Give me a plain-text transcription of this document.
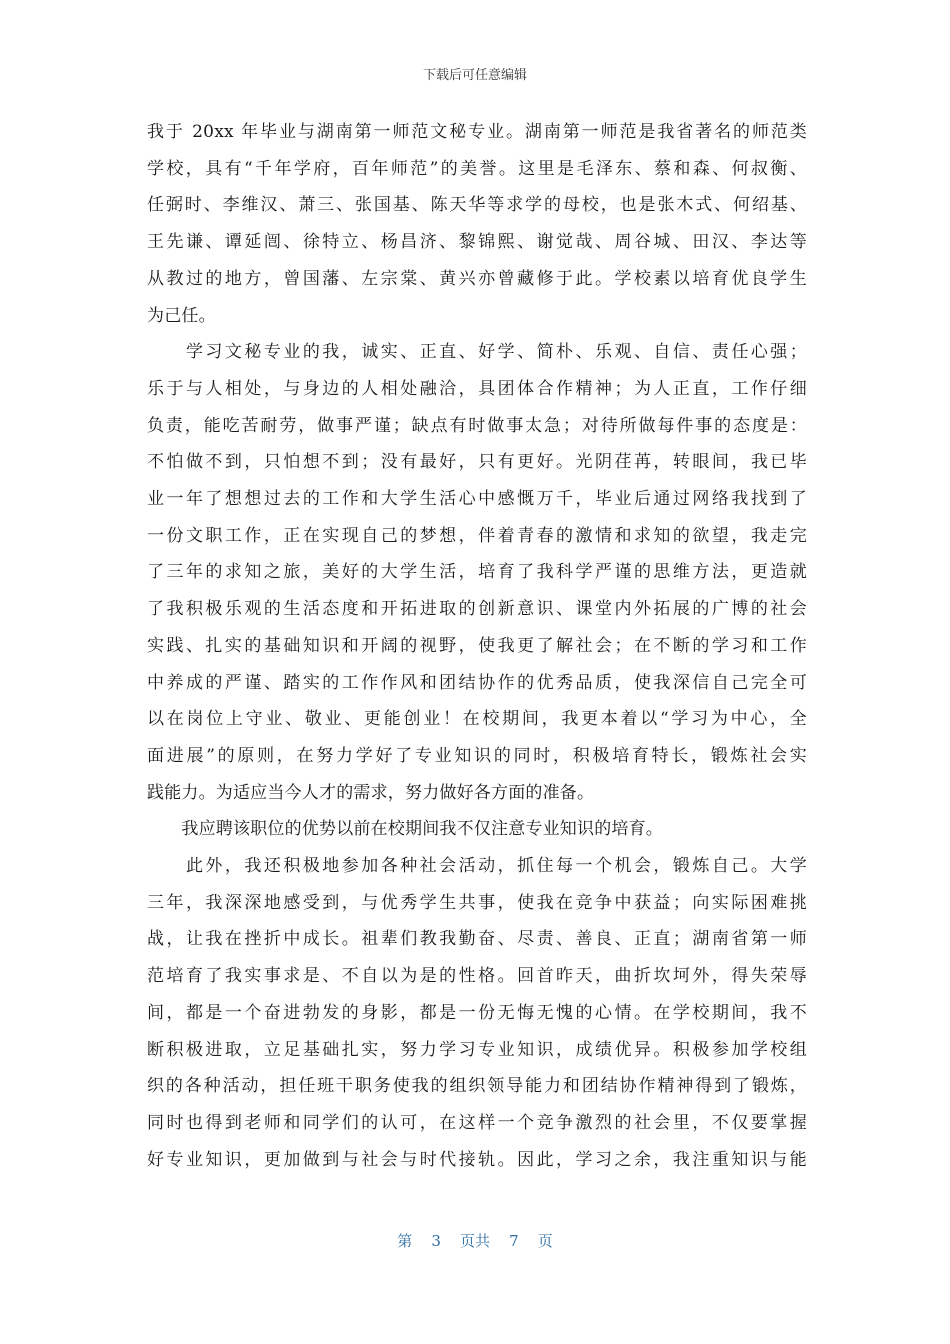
下载后可任意编辑

我于 20xx 年毕业与湖南第一师范文秘专业。湖南第一师范是我省著名的师范类
学校，具有“千年学府，百年师范”的美誉。这里是毛泽东、蔡和森、何叔衡、
任弼时、李维汉、萧三、张国基、陈天华等求学的母校，也是张木式、何绍基、
王先谦、谭延闿、徐特立、杨昌济、黎锦熙、谢觉哉、周谷城、田汉、李达等
从教过的地方，曾国藩、左宗棠、黄兴亦曾藏修于此。学校素以培育优良学生
为己任。

　　学习文秘专业的我，诚实、正直、好学、简朴、乐观、自信、责任心强；
乐于与人相处，与身边的人相处融洽，具团体合作精神；为人正直，工作仔细
负责，能吃苦耐劳，做事严谨；缺点有时做事太急；对待所做每件事的态度是：
不怕做不到，只怕想不到；没有最好，只有更好。光阴荏苒，转眼间，我已毕
业一年了想想过去的工作和大学生活心中感慨万千，毕业后通过网络我找到了
一份文职工作，正在实现自己的梦想，伴着青春的激情和求知的欲望，我走完
了三年的求知之旅，美好的大学生活，培育了我科学严谨的思维方法，更造就
了我积极乐观的生活态度和开拓进取的创新意识、课堂内外拓展的广博的社会
实践、扎实的基础知识和开阔的视野，使我更了解社会；在不断的学习和工作
中养成的严谨、踏实的工作作风和团结协作的优秀品质，使我深信自己完全可
以在岗位上守业、敬业、更能创业！在校期间，我更本着以“学习为中心，全
面进展”的原则，在努力学好了专业知识的同时，积极培育特长，锻炼社会实
践能力。为适应当今人才的需求，努力做好各方面的准备。

　　我应聘该职位的优势以前在校期间我不仅注意专业知识的培育。

　　此外，我还积极地参加各种社会活动，抓住每一个机会，锻炼自己。大学
三年，我深深地感受到，与优秀学生共事，使我在竞争中获益；向实际困难挑
战，让我在挫折中成长。祖辈们教我勤奋、尽责、善良、正直；湖南省第一师
范培育了我实事求是、不自以为是的性格。回首昨天，曲折坎坷外，得失荣辱
间，都是一个奋进勃发的身影，都是一份无悔无愧的心情。在学校期间，我不
断积极进取，立足基础扎实，努力学习专业知识，成绩优异。积极参加学校组
织的各种活动，担任班干职务使我的组织领导能力和团结协作精神得到了锻炼，
同时也得到老师和同学们的认可，在这样一个竞争激烈的社会里，不仅要掌握
好专业知识，更加做到与社会与时代接轨。因此，学习之余，我注重知识与能

第 3 页共 7 页
